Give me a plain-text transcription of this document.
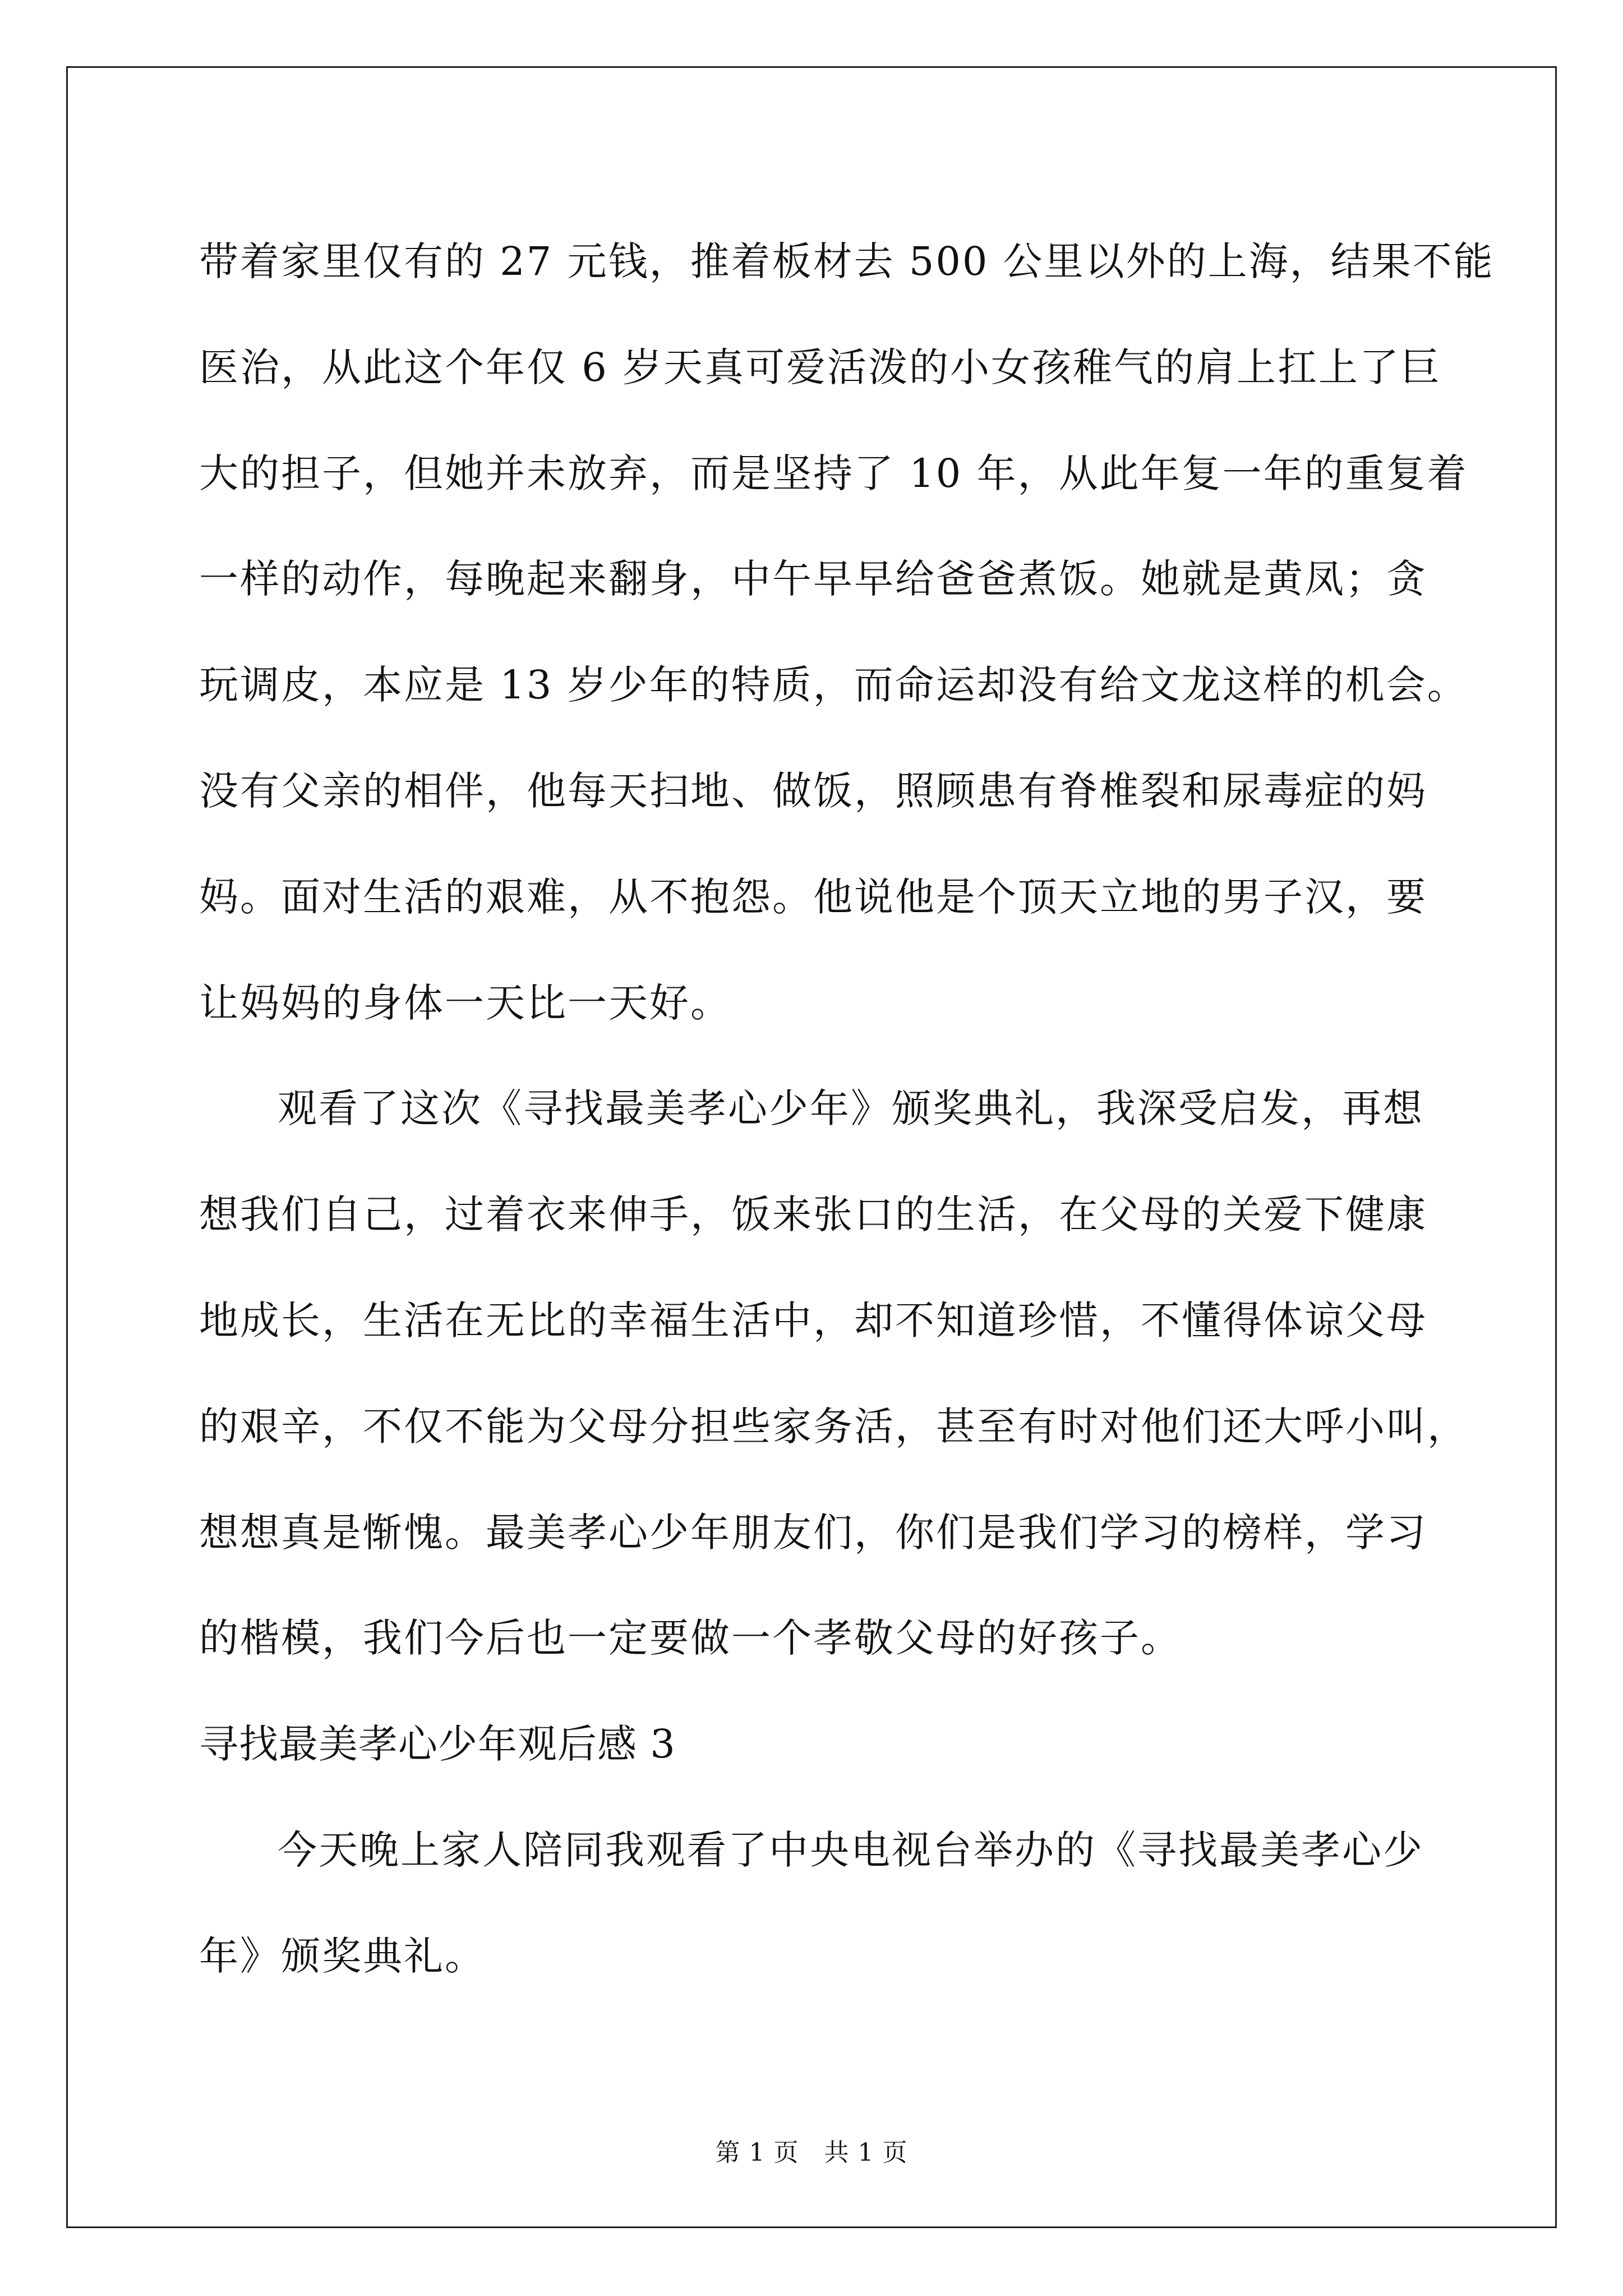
带着家里仅有的 27 元钱，推着板材去 500 公里以外的上海，结果不能
医治，从此这个年仅 6 岁天真可爱活泼的小女孩稚气的肩上扛上了巨
大的担子，但她并未放弃，而是坚持了 10 年，从此年复一年的重复着
一样的动作，每晚起来翻身，中午早早给爸爸煮饭。她就是黄凤；贪
玩调皮，本应是 13 岁少年的特质，而命运却没有给文龙这样的机会。
没有父亲的相伴，他每天扫地、做饭，照顾患有脊椎裂和尿毒症的妈
妈。面对生活的艰难，从不抱怨。他说他是个顶天立地的男子汉，要
让妈妈的身体一天比一天好。
观看了这次《寻找最美孝心少年》颁奖典礼，我深受启发，再想
想我们自己，过着衣来伸手，饭来张口的生活，在父母的关爱下健康
地成长，生活在无比的幸福生活中，却不知道珍惜，不懂得体谅父母
的艰辛，不仅不能为父母分担些家务活，甚至有时对他们还大呼小叫，
想想真是惭愧。最美孝心少年朋友们，你们是我们学习的榜样，学习
的楷模，我们今后也一定要做一个孝敬父母的好孩子。
寻找最美孝心少年观后感 3
今天晚上家人陪同我观看了中央电视台举办的《寻找最美孝心少
年》颁奖典礼。
第 1 页   共 1 页
